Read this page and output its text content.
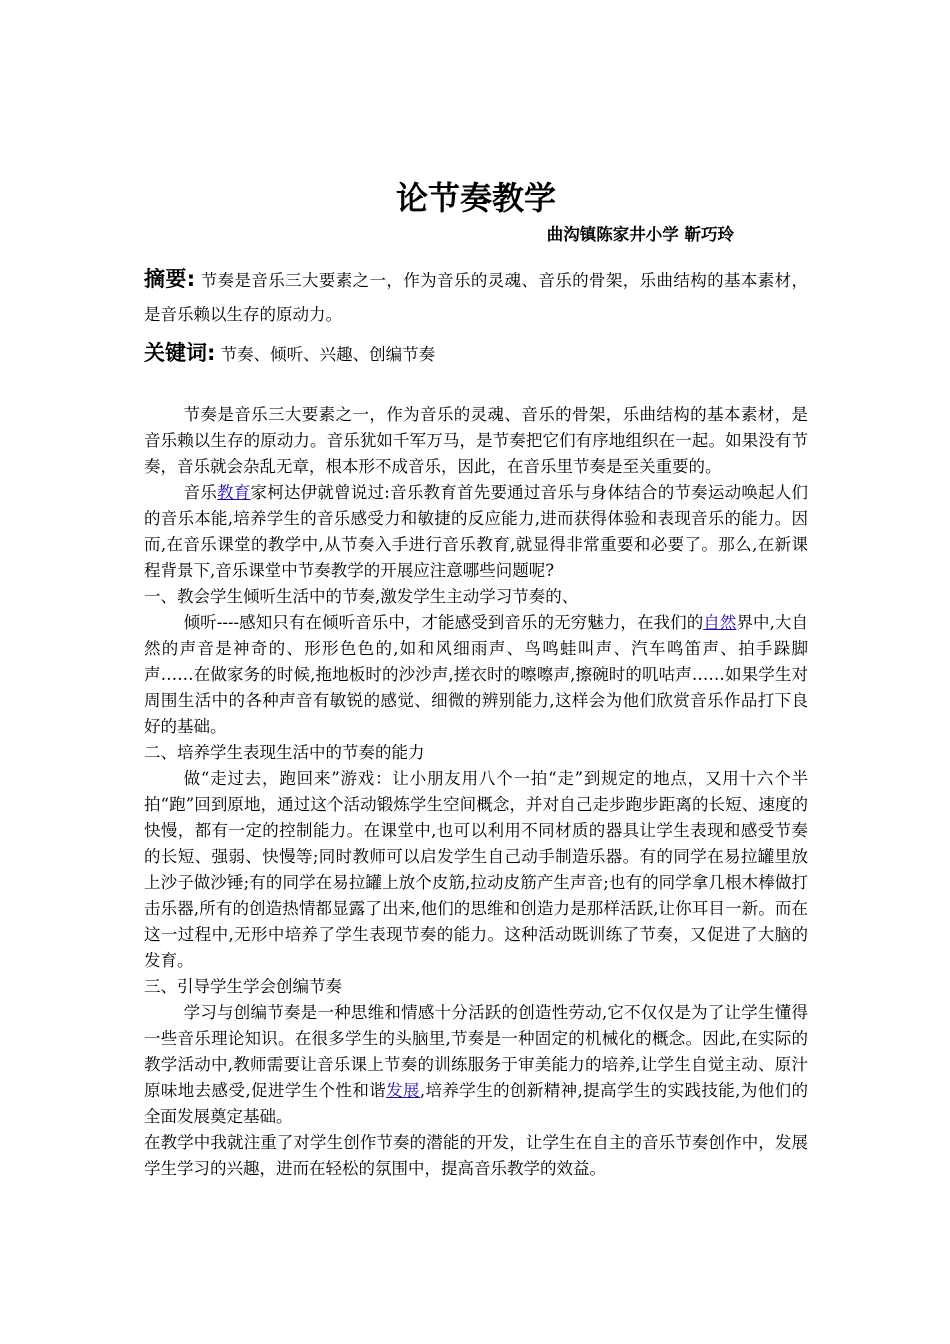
论节奏教学
曲沟镇陈家井小学 靳巧玲
摘要: 节奏是音乐三大要素之一，作为音乐的灵魂、音乐的骨架，乐曲结构的基本素材，是音乐赖以生存的原动力。
关键词: 节奏、倾听、兴趣、创编节奏

节奏是音乐三大要素之一，作为音乐的灵魂、音乐的骨架，乐曲结构的基本素材，是音乐赖以生存的原动力。音乐犹如千军万马，是节奏把它们有序地组织在一起。如果没有节奏，音乐就会杂乱无章，根本形不成音乐，因此，在音乐里节奏是至关重要的。

音乐教育家柯达伊就曾说过:音乐教育首先要通过音乐与身体结合的节奏运动唤起人们的音乐本能,培养学生的音乐感受力和敏捷的反应能力,进而获得体验和表现音乐的能力。因而,在音乐课堂的教学中,从节奏入手进行音乐教育,就显得非常重要和必要了。那么,在新课程背景下,音乐课堂中节奏教学的开展应注意哪些问题呢?

一、教会学生倾听生活中的节奏,激发学生主动学习节奏的、

倾听----感知只有在倾听音乐中，才能感受到音乐的无穷魅力，在我们的自然界中,大自然的声音是神奇的、形形色色的,如和风细雨声、鸟鸣蛙叫声、汽车鸣笛声、拍手跺脚声……在做家务的时候,拖地板时的沙沙声,搓衣时的嚓嚓声,擦碗时的叽咕声……如果学生对周围生活中的各种声音有敏锐的感觉、细微的辨别能力,这样会为他们欣赏音乐作品打下良好的基础。

二、培养学生表现生活中的节奏的能力

做“走过去，跑回来”游戏：让小朋友用八个一拍“走”到规定的地点，又用十六个半拍“跑”回到原地，通过这个活动锻炼学生空间概念，并对自己走步跑步距离的长短、速度的快慢，都有一定的控制能力。在课堂中,也可以利用不同材质的器具让学生表现和感受节奏的长短、强弱、快慢等;同时教师可以启发学生自己动手制造乐器。有的同学在易拉罐里放上沙子做沙锤;有的同学在易拉罐上放个皮筋,拉动皮筋产生声音;也有的同学拿几根木棒做打击乐器,所有的创造热情都显露了出来,他们的思维和创造力是那样活跃,让你耳目一新。而在这一过程中,无形中培养了学生表现节奏的能力。这种活动既训练了节奏，又促进了大脑的发育。

三、引导学生学会创编节奏

学习与创编节奏是一种思维和情感十分活跃的创造性劳动,它不仅仅是为了让学生懂得一些音乐理论知识。在很多学生的头脑里,节奏是一种固定的机械化的概念。因此,在实际的教学活动中,教师需要让音乐课上节奏的训练服务于审美能力的培养,让学生自觉主动、原汁原味地去感受,促进学生个性和谐发展,培养学生的创新精神,提高学生的实践技能,为他们的全面发展奠定基础。

在教学中我就注重了对学生创作节奏的潜能的开发，让学生在自主的音乐节奏创作中，发展学生学习的兴趣，进而在轻松的氛围中，提高音乐教学的效益。
